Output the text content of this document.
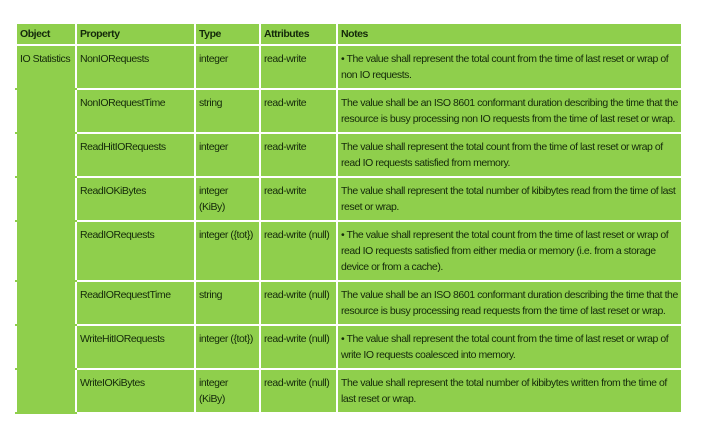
Object	Property	Type	Attributes	Notes

IO Statistics	NonIORequests	integer	read-write	• The value shall represent the total count from the time of last reset or wrap of non IO requests.
	NonIORequestTime	string	read-write	The value shall be an ISO 8601 conformant duration describing the time that the resource is busy processing non IO requests from the time of last reset or wrap.
	ReadHitIORequests	integer	read-write	The value shall represent the total count from the time of last reset or wrap of read IO requests satisfied from memory.
	ReadIOKiBytes	integer (KiBy)	read-write	The value shall represent the total number of kibibytes read from the time of last reset or wrap.
	ReadIORequests	integer ({tot})	read-write (null)	• The value shall represent the total count from the time of last reset or wrap of read IO requests satisfied from either media or memory (i.e. from a storage device or from a cache).
	ReadIORequestTime	string	read-write (null)	The value shall be an ISO 8601 conformant duration describing the time that the resource is busy processing read requests from the time of last reset or wrap.
	WriteHitIORequests	integer ({tot})	read-write (null)	• The value shall represent the total count from the time of last reset or wrap of write IO requests coalesced into memory.
	WriteIOKiBytes	integer (KiBy)	read-write (null)	The value shall represent the total number of kibibytes written from the time of last reset or wrap.
